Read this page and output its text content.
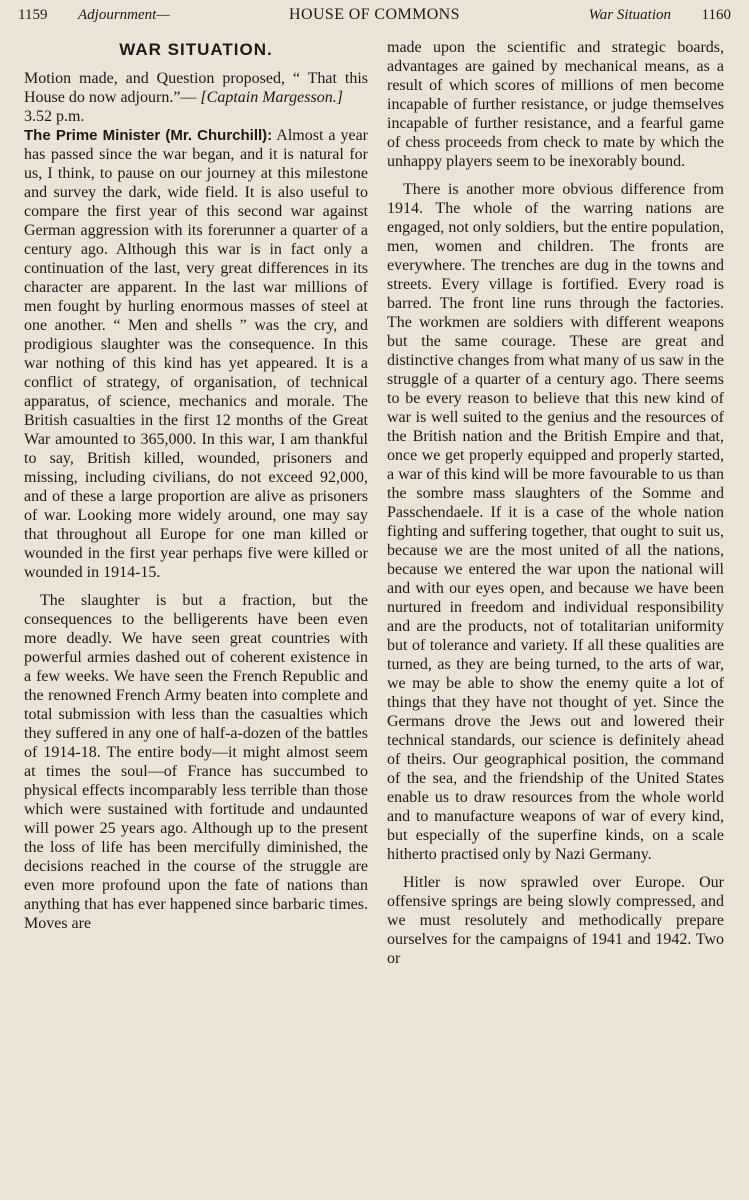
1159	Adjournment—	HOUSE OF COMMONS	War Situation	1160
WAR SITUATION.

Motion made, and Question proposed, “ That this House do now adjourn.”— [Captain Margesson.]

3.52 p.m.

The Prime Minister (Mr. Churchill): Almost a year has passed since the war began, and it is natural for us, I think, to pause on our journey at this milestone and survey the dark, wide field. It is also useful to compare the first year of this second war against German aggression with its forerunner a quarter of a century ago. Although this war is in fact only a continuation of the last, very great differences in its character are apparent. In the last war millions of men fought by hurling enormous masses of steel at one another. “ Men and shells ” was the cry, and prodigious slaughter was the consequence. In this war nothing of this kind has yet appeared. It is a conflict of strategy, of organisation, of technical apparatus, of science, mechanics and morale. The British casualties in the first 12 months of the Great War amounted to 365,000. In this war, I am thankful to say, British killed, wounded, prisoners and missing, including civilians, do not exceed 92,000, and of these a large proportion are alive as prisoners of war. Looking more widely around, one may say that throughout all Europe for one man killed or wounded in the first year perhaps five were killed or wounded in 1914-15.

The slaughter is but a fraction, but the consequences to the belligerents have been even more deadly. We have seen great countries with powerful armies dashed out of coherent existence in a few weeks. We have seen the French Republic and the renowned French Army beaten into complete and total submission with less than the casualties which they suffered in any one of half-a-dozen of the battles of 1914-18. The entire body—it might almost seem at times the soul—of France has succumbed to physical effects incomparably less terrible than those which were sustained with fortitude and undaunted will power 25 years ago. Although up to the present the loss of life has been mercifully diminished, the decisions reached in the course of the struggle are even more profound upon the fate of nations than anything that has ever happened since barbaric times. Moves are

made upon the scientific and strategic boards, advantages are gained by mechanical means, as a result of which scores of millions of men become incapable of further resistance, or judge themselves incapable of further resistance, and a fearful game of chess proceeds from check to mate by which the unhappy players seem to be inexorably bound.

There is another more obvious difference from 1914. The whole of the warring nations are engaged, not only soldiers, but the entire population, men, women and children. The fronts are everywhere. The trenches are dug in the towns and streets. Every village is fortified. Every road is barred. The front line runs through the factories. The workmen are soldiers with different weapons but the same courage. These are great and distinctive changes from what many of us saw in the struggle of a quarter of a century ago. There seems to be every reason to believe that this new kind of war is well suited to the genius and the resources of the British nation and the British Empire and that, once we get properly equipped and properly started, a war of this kind will be more favourable to us than the sombre mass slaughters of the Somme and Passchendaele. If it is a case of the whole nation fighting and suffering together, that ought to suit us, because we are the most united of all the nations, because we entered the war upon the national will and with our eyes open, and because we have been nurtured in freedom and individual responsibility and are the products, not of totalitarian uniformity but of tolerance and variety. If all these qualities are turned, as they are being turned, to the arts of war, we may be able to show the enemy quite a lot of things that they have not thought of yet. Since the Germans drove the Jews out and lowered their technical standards, our science is definitely ahead of theirs. Our geographical position, the command of the sea, and the friendship of the United States enable us to draw resources from the whole world and to manufacture weapons of war of every kind, but especially of the superfine kinds, on a scale hitherto practised only by Nazi Germany.

Hitler is now sprawled over Europe. Our offensive springs are being slowly compressed, and we must resolutely and methodically prepare ourselves for the campaigns of 1941 and 1942. Two or
